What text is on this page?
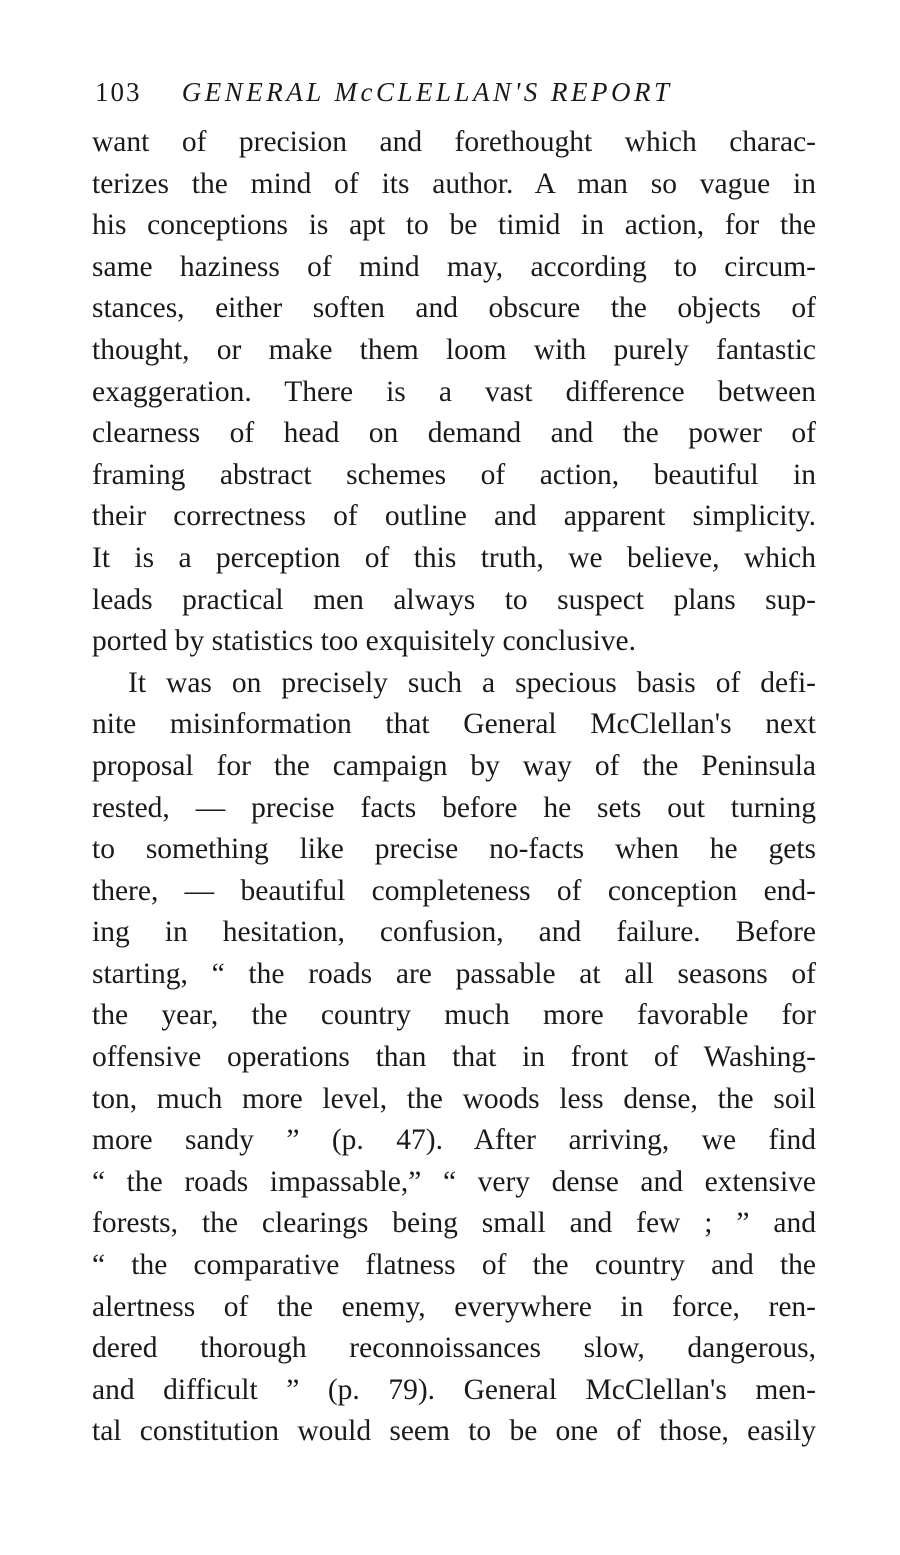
103 GENERAL McCLELLAN'S REPORT
want of precision and forethought which charac-
terizes the mind of its author. A man so vague in
his conceptions is apt to be timid in action, for the
same haziness of mind may, according to circum-
stances, either soften and obscure the objects of
thought, or make them loom with purely fantastic
exaggeration. There is a vast difference between
clearness of head on demand and the power of
framing abstract schemes of action, beautiful in
their correctness of outline and apparent simplicity.
It is a perception of this truth, we believe, which
leads practical men always to suspect plans sup-
ported by statistics too exquisitely conclusive.
It was on precisely such a specious basis of defi-
nite misinformation that General McClellan's next
proposal for the campaign by way of the Peninsula
rested, — precise facts before he sets out turning
to something like precise no-facts when he gets
there, — beautiful completeness of conception end-
ing in hesitation, confusion, and failure. Before
starting, “ the roads are passable at all seasons of
the year, the country much more favorable for
offensive operations than that in front of Washing-
ton, much more level, the woods less dense, the soil
more sandy ” (p. 47). After arriving, we find
“ the roads impassable,” “ very dense and extensive
forests, the clearings being small and few ; ” and
“ the comparative flatness of the country and the
alertness of the enemy, everywhere in force, ren-
dered thorough reconnoissances slow, dangerous,
and difficult ” (p. 79). General McClellan's men-
tal constitution would seem to be one of those, easily
